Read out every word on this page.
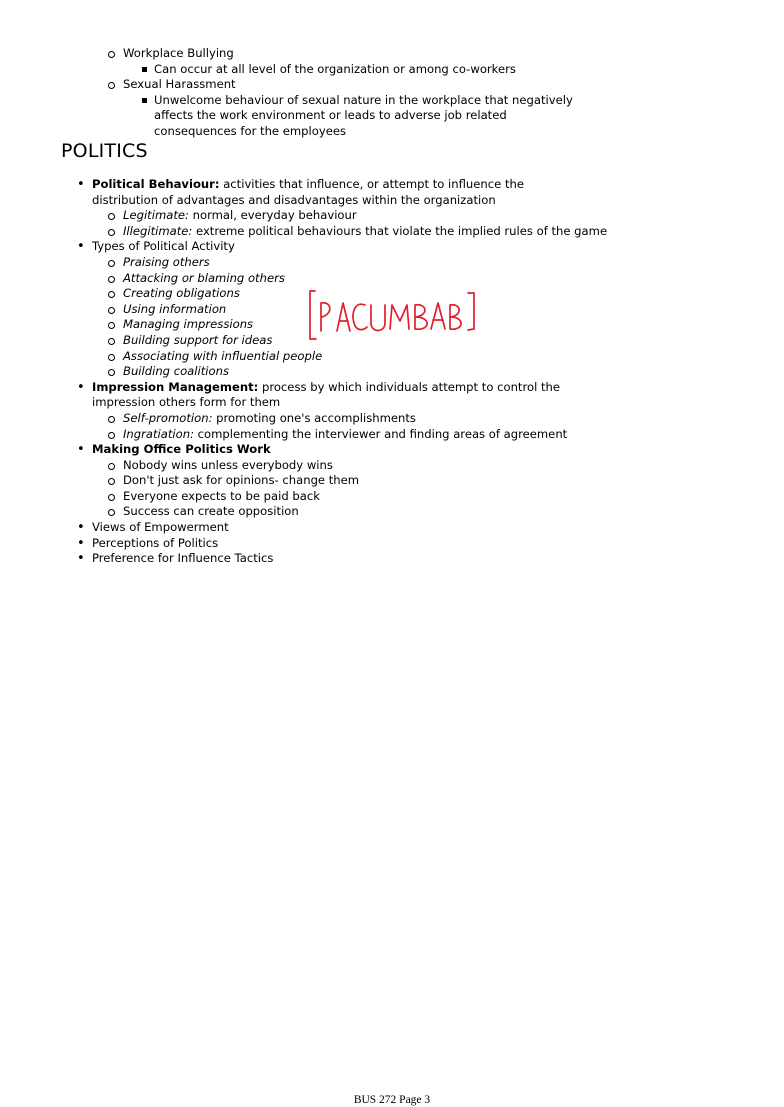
Workplace Bullying
Can occur at all level of the organization or among co-workers
Sexual Harassment
Unwelcome behaviour of sexual nature in the workplace that negatively affects the work environment or leads to adverse job related consequences for the employees
POLITICS
• Political Behaviour: activities that influence, or attempt to influence the distribution of advantages and disadvantages within the organization
Legitimate: normal, everyday behaviour
Illegitimate: extreme political behaviours that violate the implied rules of the game
• Types of Political Activity
Praising others
Attacking or blaming others
Creating obligations
Using information
Managing impressions
Building support for ideas
Associating with influential people
Building coalitions
• Impression Management: process by which individuals attempt to control the impression others form for them
Self-promotion: promoting one's accomplishments
Ingratiation: complementing the interviewer and finding areas of agreement
• Making Office Politics Work
Nobody wins unless everybody wins
Don't just ask for opinions- change them
Everyone expects to be paid back
Success can create opposition
• Views of Empowerment
• Perceptions of Politics
• Preference for Influence Tactics
BUS 272 Page 3
